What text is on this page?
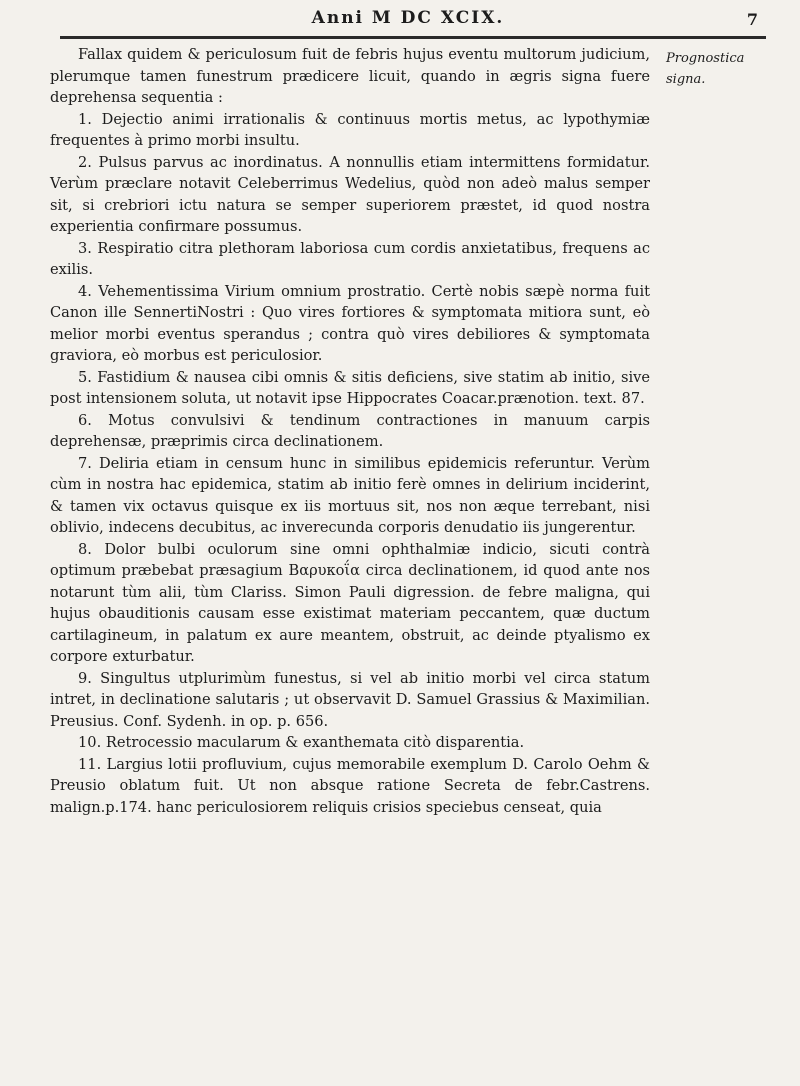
Anni M DC XCIX.	7
Prognostica
signa.

Fallax quidem & periculosum fuit de febris hujus eventu multorum judicium, plerumque tamen funestrum prædicere licuit, quando in ægris signa fuere deprehensa sequentia :

1. Dejectio animi irrationalis & continuus mortis metus, ac lypothymiæ frequentes à primo morbi insultu.

2. Pulsus parvus ac inordinatus. A nonnullis etiam intermittens formidatur. Verùm præclare notavit Celeberrimus Wedelius, quòd non adeò malus semper sit, si crebriori ictu natura se semper superiorem præstet, id quod nostra experientia confirmare possumus.

3. Respiratio citra plethoram laboriosa cum cordis anxietatibus, frequens ac exilis.

4. Vehementissima Virium omnium prostratio. Certè nobis sæpè norma fuit Canon ille SennertiNostri : Quo vires fortiores & symptomata mitiora sunt, eò melior morbi eventus sperandus ; contra quò vires debiliores & symptomata graviora, eò morbus est periculosior.

5. Fastidium & nausea cibi omnis & sitis deficiens, sive statim ab initio, sive post intensionem soluta, ut notavit ipse Hippocrates Coacar.prænotion. text. 87.

6. Motus convulsivi & tendinum contractiones in manuum carpis deprehensæ, præprimis circa declinationem.

7. Deliria etiam in censum hunc in similibus epidemicis referuntur. Verùm cùm in nostra hac epidemica, statim ab initio ferè omnes in delirium inciderint, & tamen vix octavus quisque ex iis mortuus sit, nos non æque terrebant, nisi oblivio, indecens decubitus, ac inverecunda corporis denudatio iis jungerentur.

8. Dolor bulbi oculorum sine omni ophthalmiæ indicio, sicuti contrà optimum præbebat præsagium Βαρυκοΐα circa declinationem, id quod ante nos notarunt tùm alii, tùm Clariss. Simon Pauli digression. de febre maligna, qui hujus obauditionis causam esse existimat materiam peccantem, quæ ductum cartilagineum, in palatum ex aure meantem, obstruit, ac deinde ptyalismo ex corpore exturbatur.

9. Singultus utplurimùm funestus, si vel ab initio morbi vel circa statum intret, in declinatione salutaris ; ut observavit D. Samuel Grassius & Maximilian. Preusius. Conf. Sydenh. in op. p. 656.

10. Retrocessio macularum & exanthemata citò disparentia.

11. Largius lotii profluvium, cujus memorabile exemplum D. Carolo Oehm & Preusio oblatum fuit. Ut non absque ratione Secreta de febr.Castrens. malign.p.174. hanc periculosiorem reliquis crisios speciebus censeat, quia
